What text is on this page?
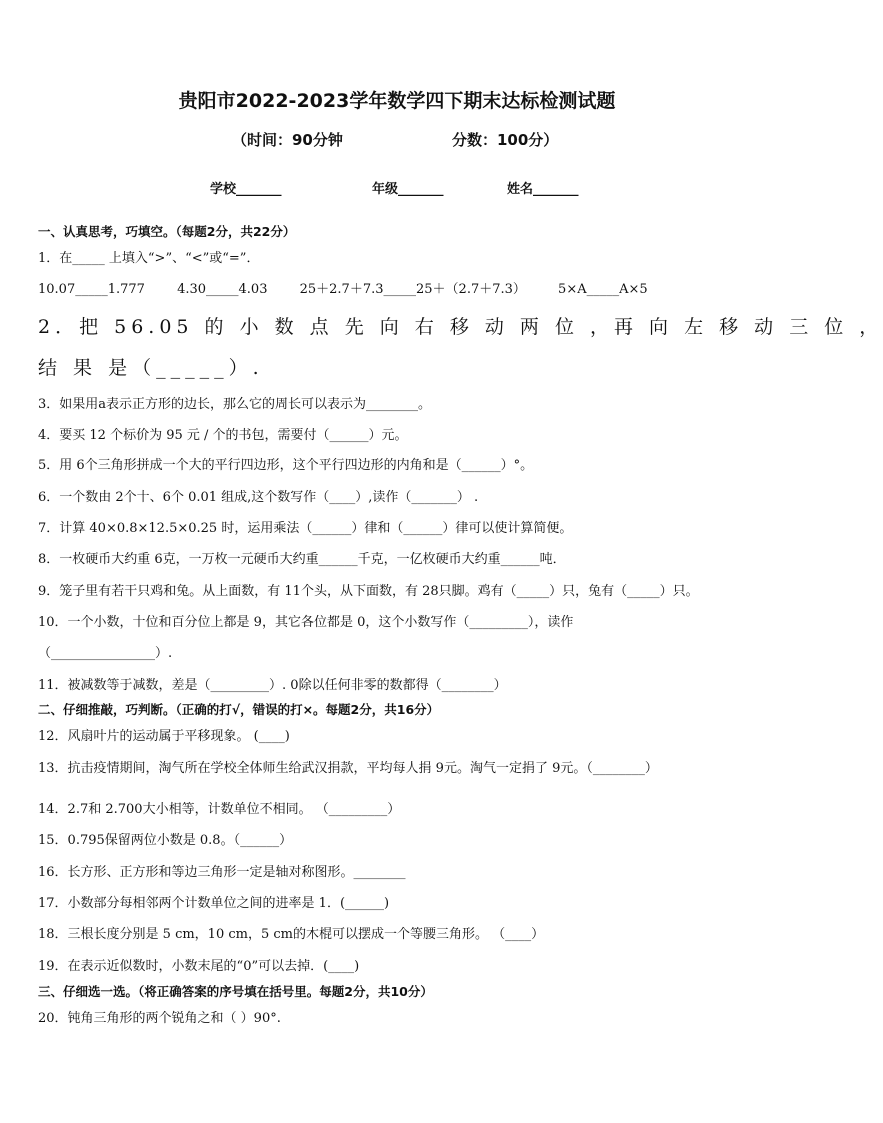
贵阳市2022-2023学年数学四下期末达标检测试题
（时间：90分钟	分数：100分）
学校_______	年级_______	姓名_______
一、认真思考，巧填空。（每题2分，共22分）
1．在_____ 上填入“>”、“<”或“=”．
10.07_____1.777 4.30_____4.03 25＋2.7＋7.3_____25＋（2.7＋7.3） 5×A_____A×5
2．把 56.05 的 小 数 点 先 向 右 移 动 两 位 ，再 向 左 移 动 三 位 ，
结 果 是（_____）.
3．如果用a表示正方形的边长，那么它的周长可以表示为________。
4．要买 12 个标价为 95 元 / 个的书包，需要付（______）元。
5．用 6个三角形拼成一个大的平行四边形，这个平行四边形的内角和是（______）°。
6．一个数由 2个十、6个 0.01 组成,这个数写作（____）,读作（_______） .
7．计算 40×0.8×12.5×0.25 时，运用乘法（______）律和（______）律可以使计算简便。
8．一枚硬币大约重 6克，一万枚一元硬币大约重______千克，一亿枚硬币大约重______吨．
9．笼子里有若干只鸡和兔。从上面数，有 11个头，从下面数，有 28只脚。鸡有（_____）只，兔有（_____）只。
10．一个小数，十位和百分位上都是 9，其它各位都是 0，这个小数写作（_________），读作
（________________）.
11．被减数等于减数，差是（_________）. 0除以任何非零的数都得（________）
二、仔细推敲，巧判断。（正确的打√，错误的打×。每题2分，共16分）
12．风扇叶片的运动属于平移现象。 (____)
13．抗击疫情期间，淘气所在学校全体师生给武汉捐款，平均每人捐 9元。淘气一定捐了 9元。（________）
14．2.7和 2.700大小相等，计数单位不相同。 （_________）
15．0.795保留两位小数是 0.8。（______）
16．长方形、正方形和等边三角形一定是轴对称图形。________
17．小数部分每相邻两个计数单位之间的进率是 1．(______)
18．三根长度分别是 5 cm，10 cm，5 cm的木棍可以摆成一个等腰三角形。 （____）
19．在表示近似数时，小数末尾的“0”可以去掉．(____)
三、仔细选一选。（将正确答案的序号填在括号里。每题2分，共10分）
20．钝角三角形的两个锐角之和（ ）90°.
